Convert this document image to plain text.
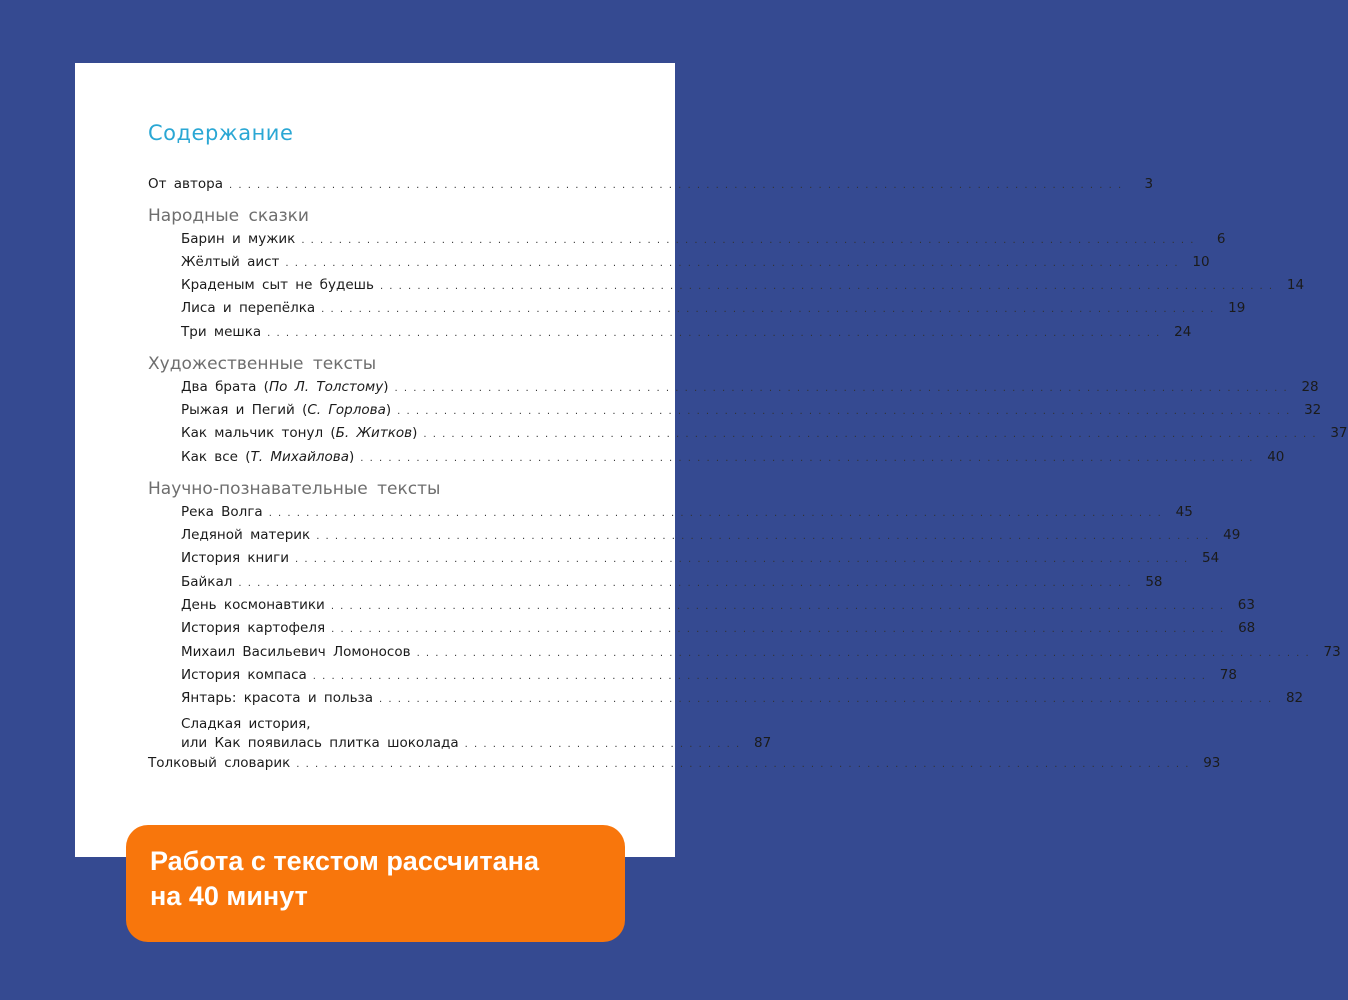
Содержание
От автора . . .	3
Народные сказки
Барин и мужик . . .	6
Жёлтый аист . . .	10
Краденым сыт не будешь . . .	14
Лиса и перепёлка . . .	19
Три мешка . . .	24
Художественные тексты
Два брата (По Л. Толстому) . . .	28
Рыжая и Пегий (С. Горлова) . . .	32
Как мальчик тонул (Б. Житков) . . .	37
Как все (Т. Михайлова) . . .	40
Научно-познавательные тексты
Река Волга . . .	45
Ледяной материк . . .	49
История книги . . .	54
Байкал . . .	58
День космонавтики . . .	63
История картофеля . . .	68
Михаил Васильевич Ломоносов . . .	73
История компаса . . .	78
Янтарь: красота и польза . . .	82
Сладкая история,
или Как появилась плитка шоколада . . . . . . . . . . . . . . . . . . . . . . . . . . . . . .	87
Толковый словарик . . .	93
Работа с текстом рассчитана
на 40 минут
